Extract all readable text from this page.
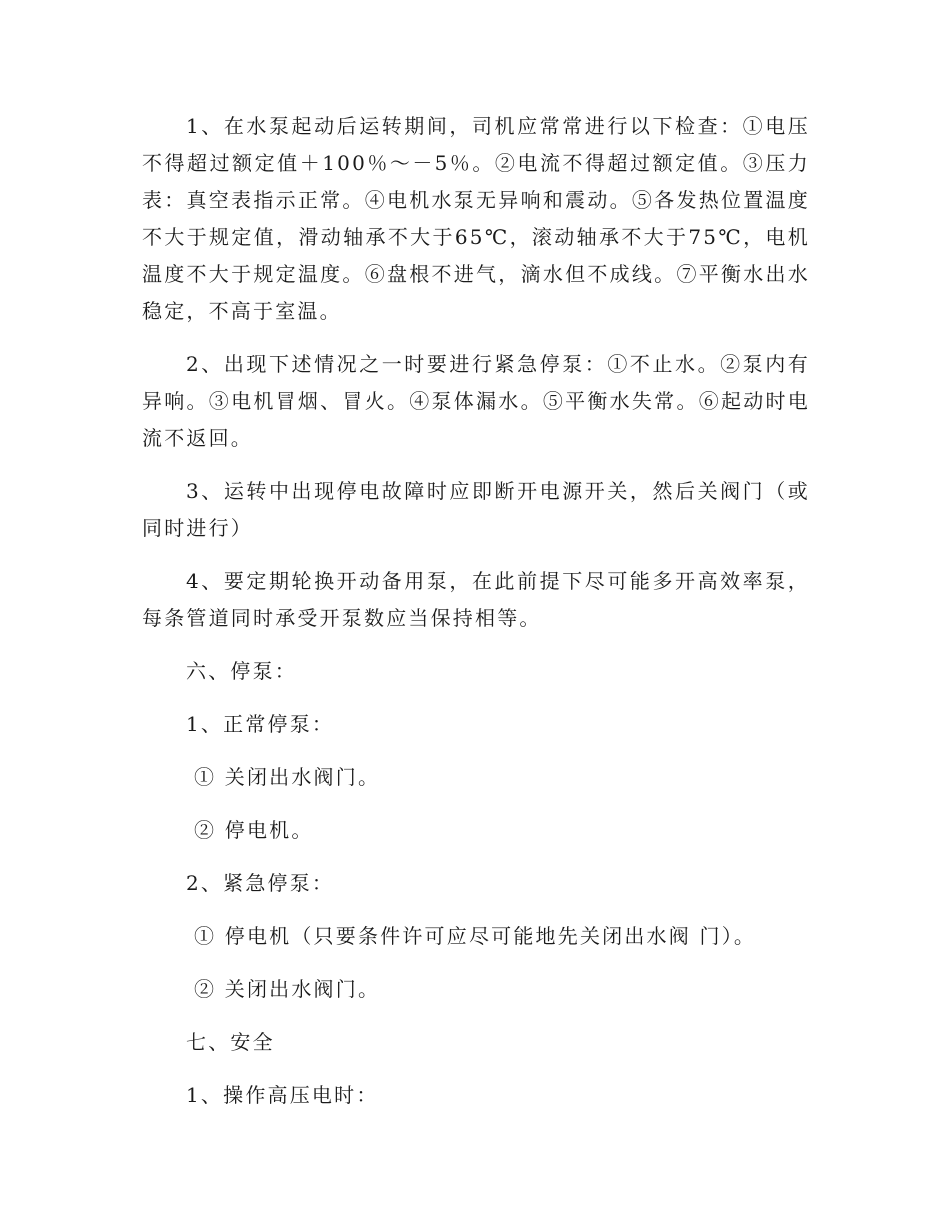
1、在水泵起动后运转期间，司机应常常进行以下检查：①电压不得超过额定值＋100％～－5％。②电流不得超过额定值。③压力表：真空表指示正常。④电机水泵无异响和震动。⑤各发热位置温度不大于规定值，滑动轴承不大于65℃，滚动轴承不大于75℃，电机温度不大于规定温度。⑥盘根不进气，滴水但不成线。⑦平衡水出水稳定，不高于室温。

2、出现下述情况之一时要进行紧急停泵：①不止水。②泵内有异响。③电机冒烟、冒火。④泵体漏水。⑤平衡水失常。⑥起动时电流不返回。

3、运转中出现停电故障时应即断开电源开关，然后关阀门（或同时进行）

4、要定期轮换开动备用泵，在此前提下尽可能多开高效率泵，每条管道同时承受开泵数应当保持相等。

六、停泵：

1、正常停泵：

① 关闭出水阀门。

② 停电机。

2、紧急停泵：

① 停电机（只要条件许可应尽可能地先关闭出水阀 门）。

② 关闭出水阀门。

七、安全

1、操作高压电时：
